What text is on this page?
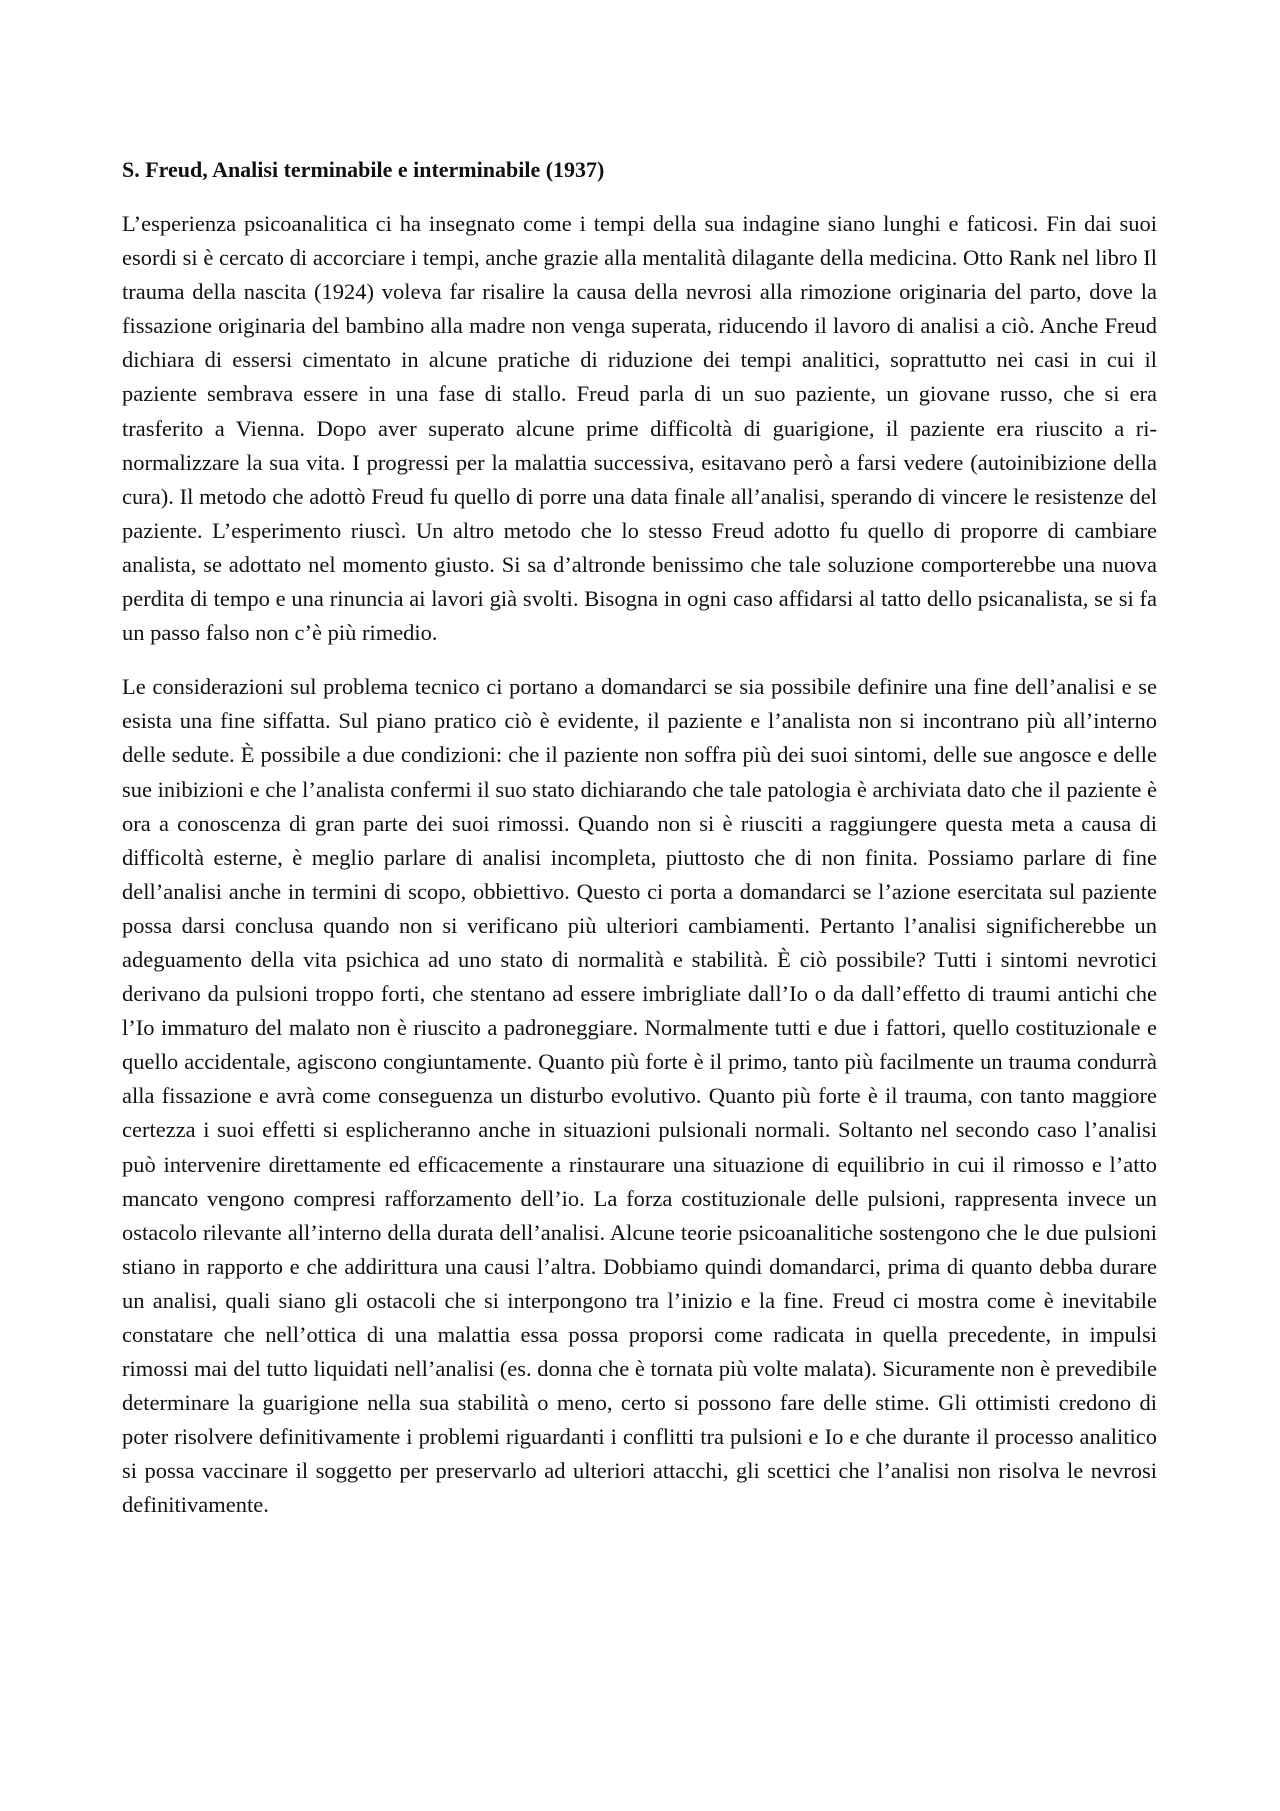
S. Freud, Analisi terminabile e interminabile (1937)

L’esperienza psicoanalitica ci ha insegnato come i tempi della sua indagine siano lunghi e faticosi. Fin dai suoi esordi si è cercato di accorciare i tempi, anche grazie alla mentalità dilagante della medicina. Otto Rank nel libro Il trauma della nascita (1924) voleva far risalire la causa della nevrosi alla rimozione originaria del parto, dove la fissazione originaria del bambino alla madre non venga superata, riducendo il lavoro di analisi a ciò. Anche Freud dichiara di essersi cimentato in alcune pratiche di riduzione dei tempi analitici, soprattutto nei casi in cui il paziente sembrava essere in una fase di stallo. Freud parla di un suo paziente, un giovane russo, che si era trasferito a Vienna. Dopo aver superato alcune prime difficoltà di guarigione, il paziente era riuscito a ri-normalizzare la sua vita. I progressi per la malattia successiva, esitavano però a farsi vedere (autoinibizione della cura). Il metodo che adottò Freud fu quello di porre una data finale all’analisi, sperando di vincere le resistenze del paziente. L’esperimento riuscì. Un altro metodo che lo stesso Freud adotto fu quello di proporre di cambiare analista, se adottato nel momento giusto. Si sa d’altronde benissimo che tale soluzione comporterebbe una nuova perdita di tempo e una rinuncia ai lavori già svolti. Bisogna in ogni caso affidarsi al tatto dello psicanalista, se si fa un passo falso non c’è più rimedio.

Le considerazioni sul problema tecnico ci portano a domandarci se sia possibile definire una fine dell’analisi e se esista una fine siffatta. Sul piano pratico ciò è evidente, il paziente e l’analista non si incontrano più all’interno delle sedute. È possibile a due condizioni: che il paziente non soffra più dei suoi sintomi, delle sue angosce e delle sue inibizioni e che l’analista confermi il suo stato dichiarando che tale patologia è archiviata dato che il paziente è ora a conoscenza di gran parte dei suoi rimossi. Quando non si è riusciti a raggiungere questa meta a causa di difficoltà esterne, è meglio parlare di analisi incompleta, piuttosto che di non finita. Possiamo parlare di fine dell’analisi anche in termini di scopo, obbiettivo. Questo ci porta a domandarci se l’azione esercitata sul paziente possa darsi conclusa quando non si verificano più ulteriori cambiamenti. Pertanto l’analisi significherebbe un adeguamento della vita psichica ad uno stato di normalità e stabilità. È ciò possibile? Tutti i sintomi nevrotici derivano da pulsioni troppo forti, che stentano ad essere imbrigliate dall’Io o da dall’effetto di traumi antichi che l’Io immaturo del malato non è riuscito a padroneggiare. Normalmente tutti e due i fattori, quello costituzionale e quello accidentale, agiscono congiuntamente. Quanto più forte è il primo, tanto più facilmente un trauma condurrà alla fissazione e avrà come conseguenza un disturbo evolutivo. Quanto più forte è il trauma, con tanto maggiore certezza i suoi effetti si esplicheranno anche in situazioni pulsionali normali. Soltanto nel secondo caso l’analisi può intervenire direttamente ed efficacemente a rinstaurare una situazione di equilibrio in cui il rimosso e l’atto mancato vengono compresi rafforzamento dell’io. La forza costituzionale delle pulsioni, rappresenta invece un ostacolo rilevante all’interno della durata dell’analisi. Alcune teorie psicoanalitiche sostengono che le due pulsioni stiano in rapporto e che addirittura una causi l’altra. Dobbiamo quindi domandarci, prima di quanto debba durare un analisi, quali siano gli ostacoli che si interpongono tra l’inizio e la fine. Freud ci mostra come è inevitabile constatare che nell’ottica di una malattia essa possa proporsi come radicata in quella precedente, in impulsi rimossi mai del tutto liquidati nell’analisi (es. donna che è tornata più volte malata). Sicuramente non è prevedibile determinare la guarigione nella sua stabilità o meno, certo si possono fare delle stime. Gli ottimisti credono di poter risolvere definitivamente i problemi riguardanti i conflitti tra pulsioni e Io e che durante il processo analitico si possa vaccinare il soggetto per preservarlo ad ulteriori attacchi, gli scettici che l’analisi non risolva le nevrosi definitivamente.
